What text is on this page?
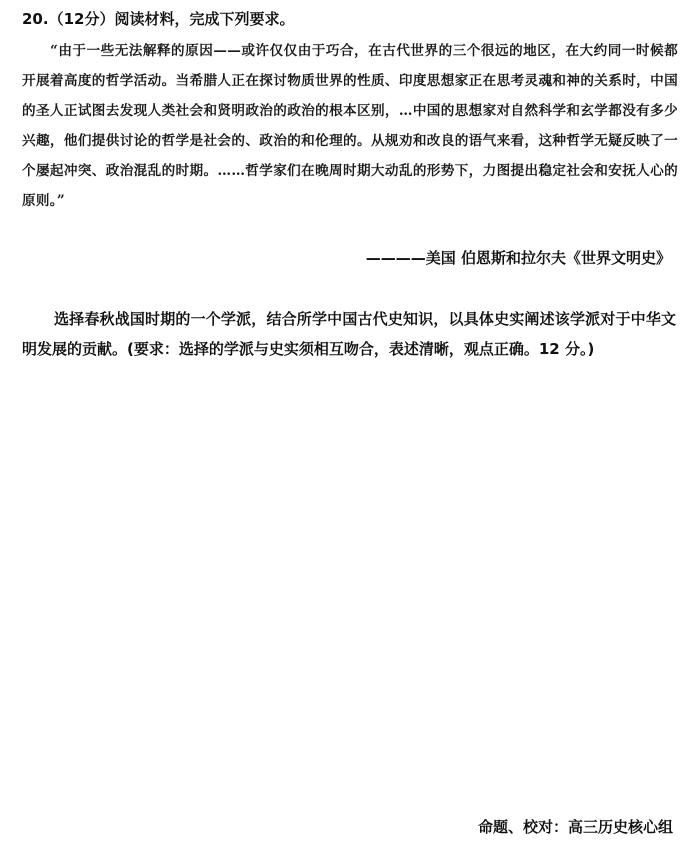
20.（12分）阅读材料，完成下列要求。
“由于一些无法解释的原因——或许仅仅由于巧合，在古代世界的三个很远的地区，在大约同一时候都开展着高度的哲学活动。当希腊人正在探讨物质世界的性质、印度思想家正在思考灵魂和神的关系时，中国的圣人正试图去发现人类社会和贤明政治的政治的根本区别，…中国的思想家对自然科学和玄学都没有多少兴趣，他们提供讨论的哲学是社会的、政治的和伦理的。从规劝和改良的语气来看，这种哲学无疑反映了一个屡起冲突、政治混乱的时期。……哲学家们在晚周时期大动乱的形势下，力图提出稳定社会和安抚人心的原则。”
————美国 伯恩斯和拉尔夫《世界文明史》
选择春秋战国时期的一个学派，结合所学中国古代史知识，以具体史实阐述该学派对于中华文明发展的贡献。(要求：选择的学派与史实须相互吻合，表述清晰，观点正确。12 分。)
命题、校对：高三历史核心组
